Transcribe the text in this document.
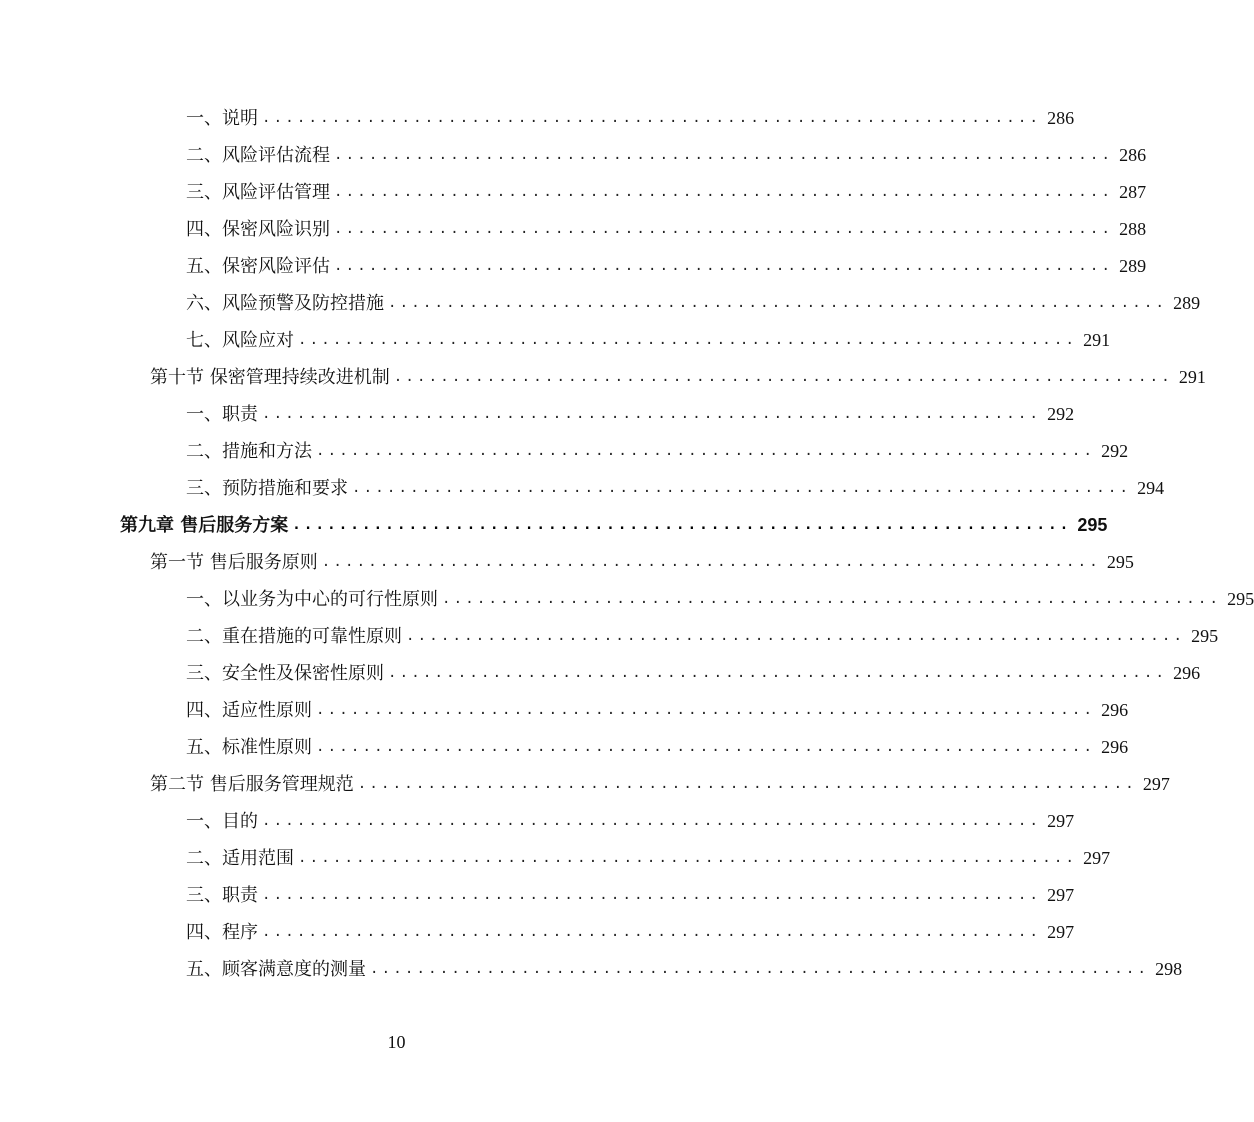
一、说明 ................................................................... 286
二、风险评估流程 ................................................................... 286
三、风险评估管理 ................................................................... 287
四、保密风险识别 ................................................................... 288
五、保密风险评估 ................................................................... 289
六、风险预警及防控措施 ................................................................... 289
七、风险应对 ................................................................... 291
第十节 保密管理持续改进机制 ................................................................... 291
一、职责 ................................................................... 292
二、措施和方法 ................................................................... 292
三、预防措施和要求 ................................................................... 294
第九章 售后服务方案 ................................................................... 295
第一节 售后服务原则 ................................................................... 295
一、以业务为中心的可行性原则 ................................................................... 295
二、重在措施的可靠性原则 ................................................................... 295
三、安全性及保密性原则 ................................................................... 296
四、适应性原则 ................................................................... 296
五、标准性原则 ................................................................... 296
第二节 售后服务管理规范 ................................................................... 297
一、目的 ................................................................... 297
二、适用范围 ................................................................... 297
三、职责 ................................................................... 297
四、程序 ................................................................... 297
五、顾客满意度的测量 ................................................................... 298
10
